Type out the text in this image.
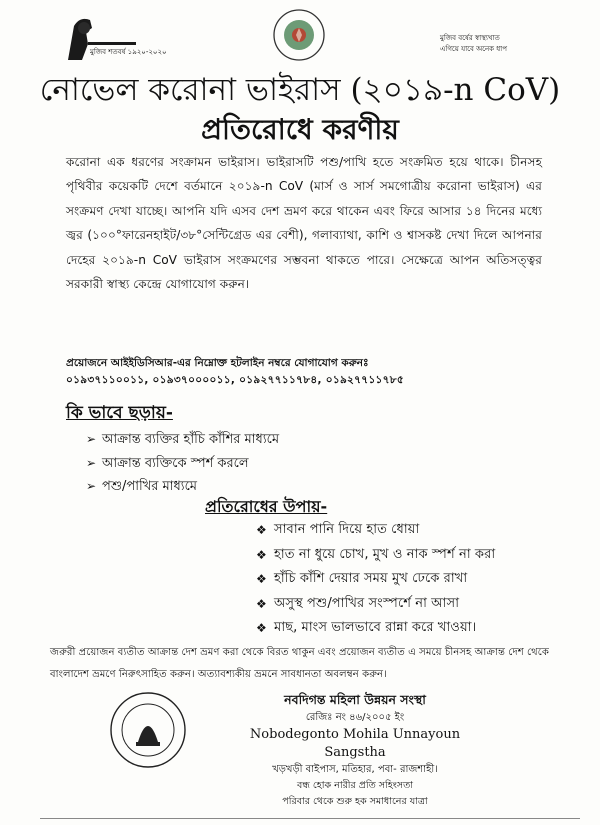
মুজিব শতবর্ষ ১৯২০-২০২০
মুজিব বর্ষের স্বাস্থ্যখাত
এগিয়ে যাবে অনেক ধাপ
নোভেল করোনা ভাইরাস (২০১৯-n CoV)
প্রতিরোধে করণীয়
করোনা এক ধরণের সংক্রামন ভাইরাস। ভাইরাসটি পশু/পাখি হতে সংক্রমিত হয়ে থাকে। চীনসহ পৃথিবীর কয়েকটি দেশে বর্তমানে ২০১৯-n CoV (মার্স ও সার্স সমগোত্রীয় করোনা ভাইরাস) এর সংক্রমণ দেখা যাচ্ছে। আপনি যদি এসব দেশ ভ্রমণ করে থাকেন এবং ফিরে আসার ১৪ দিনের মধ্যে জ্বর (১০০°ফারেনহাইট/৩৮°সেন্টিগ্রেড এর বেশী), গলাব্যাথা, কাশি ও শ্বাসকষ্ট দেখা দিলে আপনার দেহের ২০১৯-n CoV ভাইরাস সংক্রমণের সম্ভবনা থাকতে পারে। সেক্ষেত্রে আপন অতিসত্ত্বর সরকারী স্বাস্থ্য কেন্দ্রে যোগাযোগ করুন।
প্রয়োজনে আইইডিসিআর-এর নিম্নোক্ত হটলাইন নম্বরে যোগাযোগ করুনঃ
০১৯৩৭১১০০১১, ০১৯৩৭০০০০১১, ০১৯২৭৭১১৭৮৪, ০১৯২৭৭১১৭৮৫
কি ভাবে ছড়ায়-
➢ আক্রান্ত ব্যক্তির হাঁচি কাঁশির মাধ্যমে
➢ আক্রান্ত ব্যক্তিকে স্পর্শ করলে
➢ পশু/পাখির মাধ্যমে
প্রতিরোধের উপায়-
❖ সাবান পানি দিয়ে হাত ধোয়া
❖ হাত না ধুয়ে চোখ, মুখ ও নাক স্পর্শ না করা
❖ হাঁচি কাঁশি দেয়ার সময় মুখ ঢেকে রাখা
❖ অসুস্থ পশু/পাখির সংস্পর্শে না আসা
❖ মাছ, মাংস ভালভাবে রান্না করে খাওয়া।
জরুরী প্রয়োজন ব্যতীত আক্রান্ত দেশ ভ্রমণ করা থেকে বিরত থাকুন এবং প্রয়োজন ব্যতীত এ সময়ে চীনসহ আক্রান্ত দেশ থেকে বাংলাদেশ ভ্রমণে নিরুৎসাহিত করুন। অত্যাবশ্যকীয় ভ্রমনে সাবধানতা অবলম্বন করুন।
নবদিগন্ত মহিলা উন্নয়ন সংস্থা
রেজিঃ নং ৪৬/২০০৫ ইং
Nobodegonto Mohila Unnayoun Sangstha
খড়খড়ী বাইপাস, মতিহার, পবা- রাজশাহী।
বন্ধ হোক নারীর প্রতি সহিংসতা
পরিবার থেকে শুরু হক সমাধানের যাত্রা
